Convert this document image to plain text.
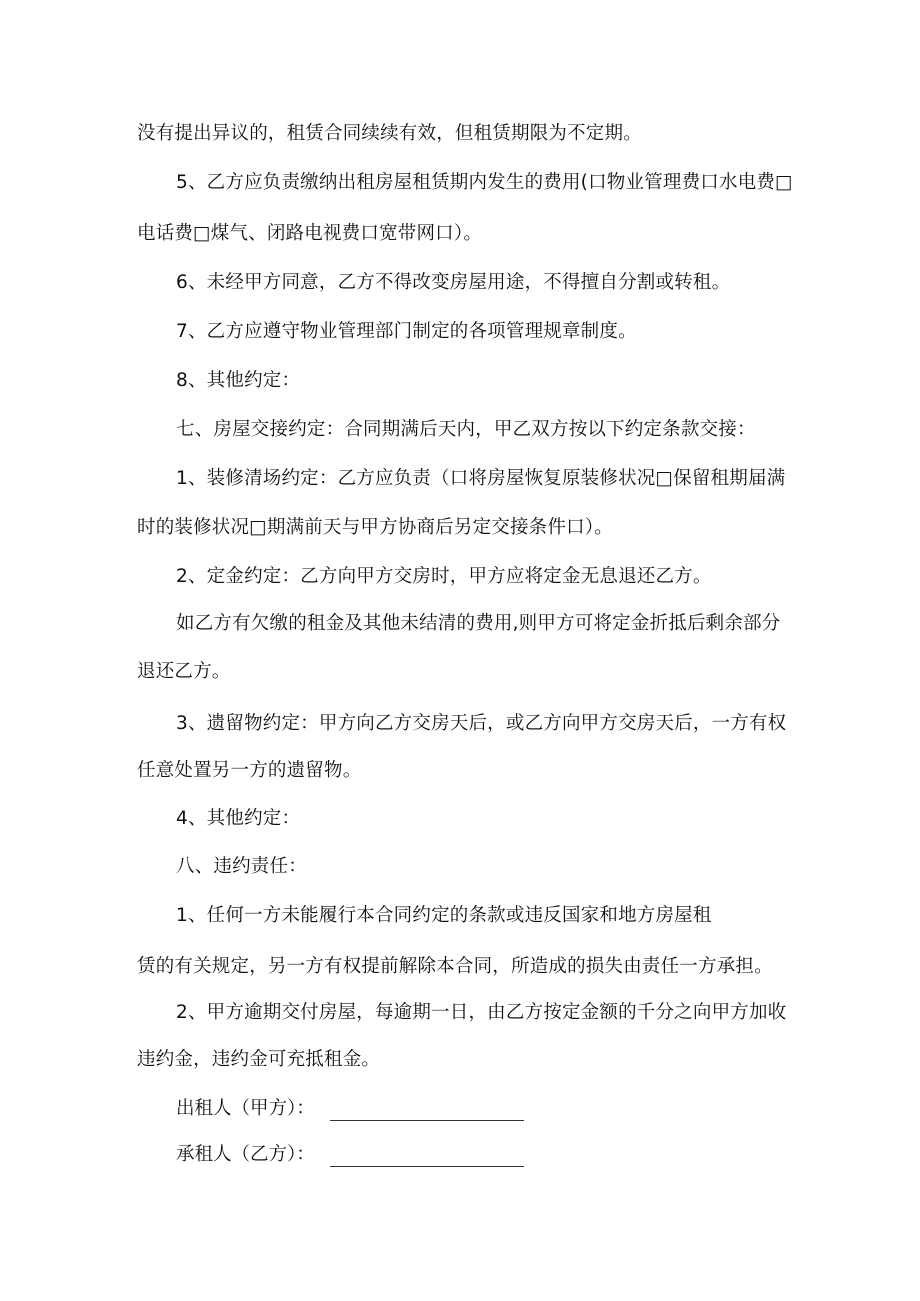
没有提出异议的，租赁合同续续有效，但租赁期限为不定期。
5、乙方应负责缴纳出租房屋租赁期内发生的费用(口物业管理费口水电费□
电话费□煤气、闭路电视费口宽带网口）。
6、未经甲方同意，乙方不得改变房屋用途，不得擅自分割或转租。
7、乙方应遵守物业管理部门制定的各项管理规章制度。
8、其他约定：
七、房屋交接约定：合同期满后天内，甲乙双方按以下约定条款交接：
1、装修清场约定：乙方应负责（口将房屋恢复原装修状况□保留租期届满
时的装修状况□期满前天与甲方协商后另定交接条件口）。
2、定金约定：乙方向甲方交房时，甲方应将定金无息退还乙方。
如乙方有欠缴的租金及其他未结清的费用,则甲方可将定金折抵后剩余部分
退还乙方。
3、遗留物约定：甲方向乙方交房天后，或乙方向甲方交房天后，一方有权
任意处置另一方的遗留物。
4、其他约定：
八、违约责任：
1、任何一方未能履行本合同约定的条款或违反国家和地方房屋租
赁的有关规定，另一方有权提前解除本合同，所造成的损失由责任一方承担。
2、甲方逾期交付房屋，每逾期一日，由乙方按定金额的千分之向甲方加收
违约金，违约金可充抵租金。
出租人（甲方）：
承租人（乙方）：
